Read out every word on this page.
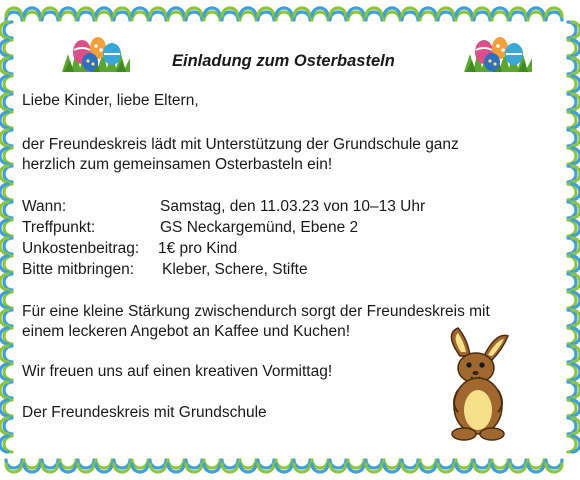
Einladung zum Osterbasteln
Liebe Kinder, liebe Eltern,
der Freundeskreis lädt mit Unterstützung der Grundschule ganz
herzlich zum gemeinsamen Osterbasteln ein!
Wann:	Samstag, den 11.03.23 von 10–13 Uhr
Treffpunkt:	GS Neckargemünd, Ebene 2
Unkostenbeitrag: 1€ pro Kind
Bitte mitbringen: Kleber, Schere, Stifte
Für eine kleine Stärkung zwischendurch sorgt der Freundeskreis mit
einem leckeren Angebot an Kaffee und Kuchen!
Wir freuen uns auf einen kreativen Vormittag!
Der Freundeskreis mit Grundschule
